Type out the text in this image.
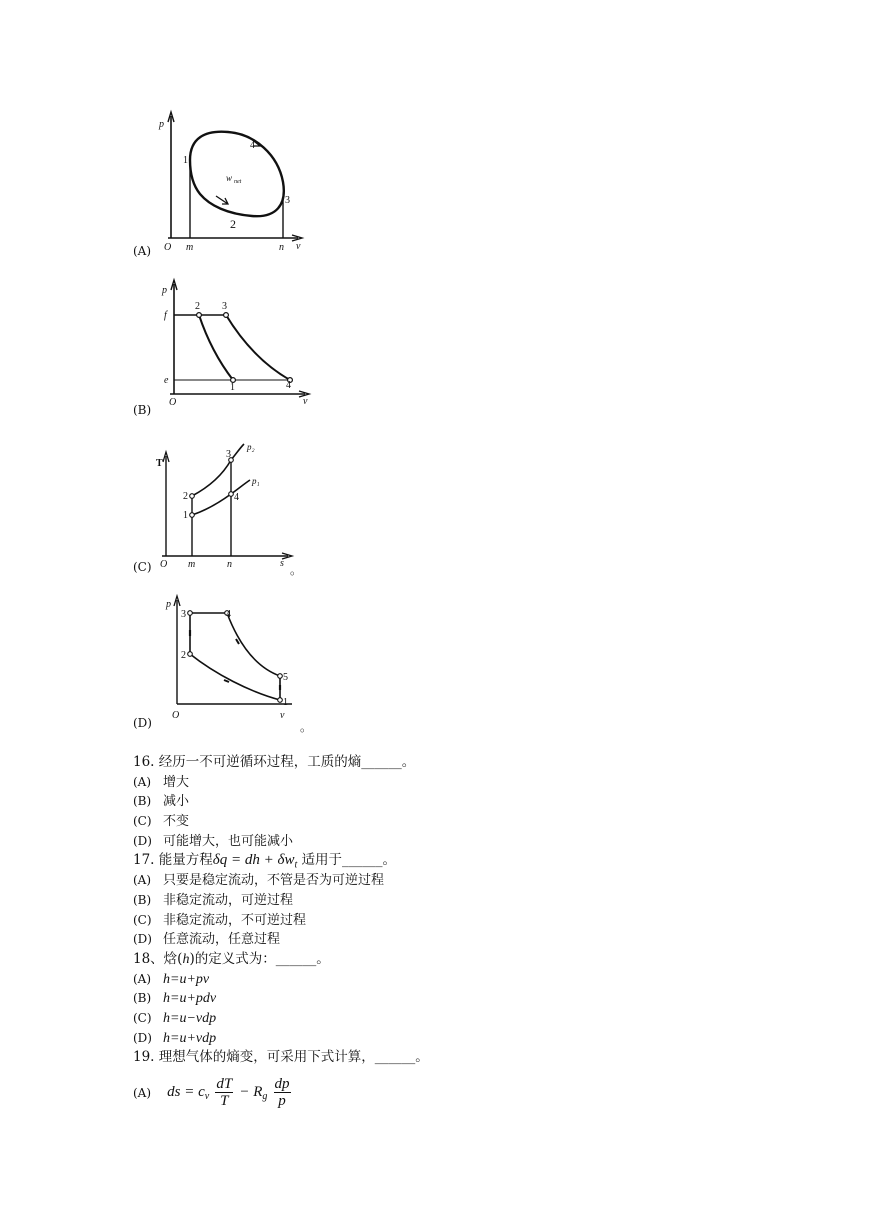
p
v
O m	n
1
2
3
4
w net
(A)
p
v
O
f
e
1
2 3
4
(B)
T
s
O m	n
1
2
3
4
p₂
p₁
(C)	。
p
v
O
1
2
3	4
5
(D)	。
16. 经历一不可逆循环过程，工质的熵______。
(A) 增大
(B) 减小
(C) 不变
(D) 可能增大，也可能减小
17. 能量方程δq = dh + $\delta w_t$ 适用于______。
(A) 只要是稳定流动，不管是否为可逆过程
(B) 非稳定流动，可逆过程
(C) 非稳定流动，不可逆过程
(D) 任意流动，任意过程
18、焓(h)的定义式为：______。
(A) h=u+pv
(B) h=u+pdv
(C) h=u−vdp
(D) h=u+vdp
19. 理想气体的熵变，可采用下式计算，______。
(A) ds = $c_v \frac{dT}{T} - R_g \frac{dp}{p}$
